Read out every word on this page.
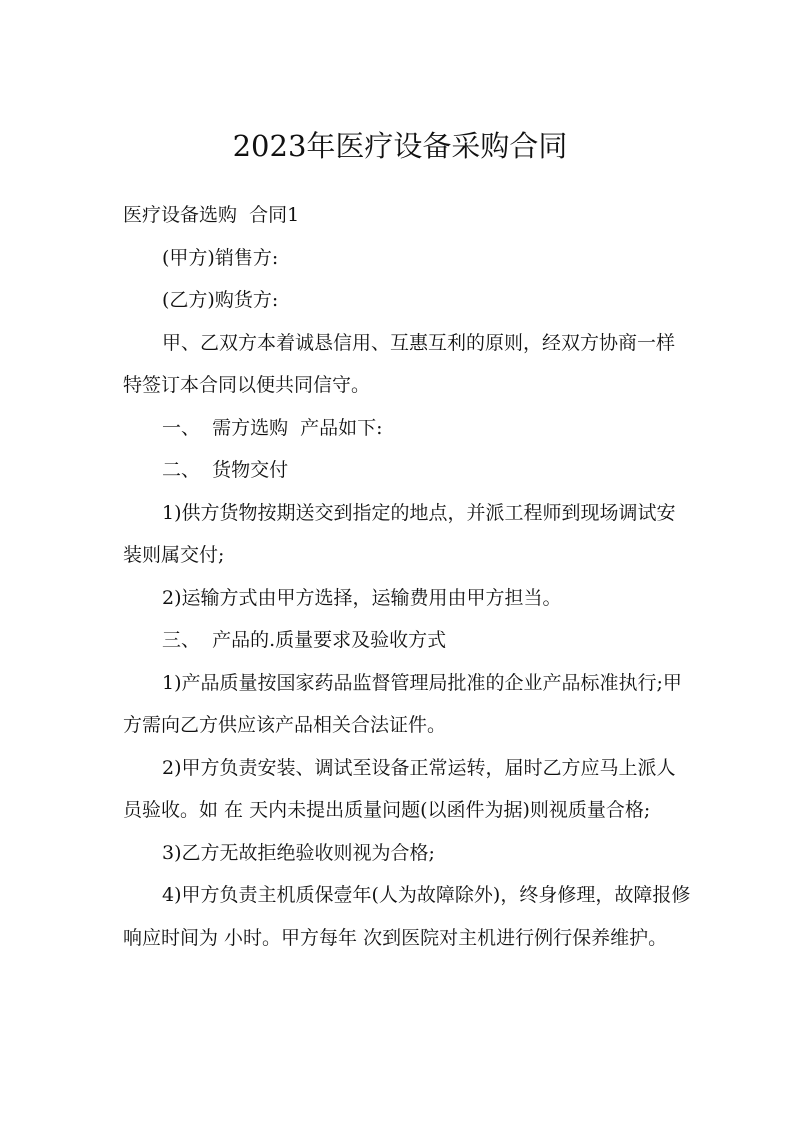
2023年医疗设备采购合同

医疗设备选购  合同1

(甲方)销售方:

(乙方)购货方:

甲、乙双方本着诚恳信用、互惠互利的原则，经双方协商一样特签订本合同以便共同信守。

一、  需方选购  产品如下:

二、  货物交付

1)供方货物按期送交到指定的地点，并派工程师到现场调试安装则属交付;

2)运输方式由甲方选择，运输费用由甲方担当。

三、  产品的.质量要求及验收方式

1)产品质量按国家药品监督管理局批准的企业产品标准执行;甲方需向乙方供应该产品相关合法证件。

2)甲方负责安装、调试至设备正常运转，届时乙方应马上派人员验收。如 在 天内未提出质量问题(以函件为据)则视质量合格;

3)乙方无故拒绝验收则视为合格;

4)甲方负责主机质保壹年(人为故障除外)，终身修理，故障报修响应时间为 小时。甲方每年 次到医院对主机进行例行保养维护。
